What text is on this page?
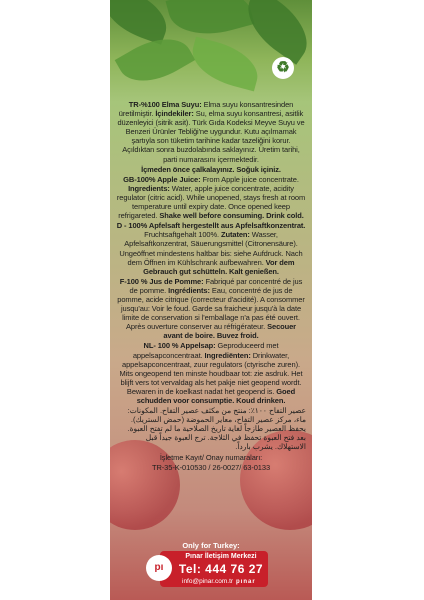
♻

TR-%100 Elma Suyu: Elma suyu konsantresinden üretilmiştir. İçindekiler: Su, elma suyu konsantresi, asitlik düzenleyici (sitrik asit). Türk Gıda Kodeksi Meyve Suyu ve Benzeri Ürünler Tebliği'ne uygundur. Kutu açılmamak şartıyla son tüketim tarihine kadar tazeliğini korur. Açıldıktan sonra buzdolabında saklayınız. Üretim tarihi, parti numarasını içermektedir.

İçmeden önce çalkalayınız. Soğuk içiniz.

GB-100% Apple Juice: From Apple juice concentrate. Ingredients: Water, apple juice concentrate, acidity regulator (citric acid). While unopened, stays fresh at room temperature until expiry date. Once opened keep refrigareted. Shake well before consuming. Drink cold.

D - 100% Apfelsaft hergestellt aus Apfelsaftkonzentrat. Fruchtsaftgehalt 100%. Zutaten: Wasser, Apfelsaftkonzentrat, Säuerungsmittel (Citronensäure). Ungeöffnet mindestens haltbar bis: siehe Aufdruck. Nach dem Öffnen im Kühlschrank aufbewahren. Vor dem Gebrauch gut schütteln. Kalt genießen.

F-100 % Jus de Pomme: Fabriqué par concentré de jus de pomme. Ingrédients: Eau, concentré de jus de pomme, acide citrique (correcteur d'acidité). A consommer jusqu'au: Voir le foud. Garde sa fraicheur jusqu'à la date limite de conservation si l'emballage n'a pas été ouvert. Après ouverture conserver au réfrigérateur. Secouer avant de boire. Buvez froid.

NL- 100 % Appelsap: Geproduceerd met appelsapconcentraat. Ingrediënten: Drinkwater, appelsapconcentraat, zuur regulators (ctyrische zuren). Mits ongeopend ten minste houdbaar tot: zie asdruk. Het blijft vers tot vervaldag als het pakje niet geopend wordt. Bewaren in de koelkast nadat het geopend is. Goed schudden voor consumptie. Koud drinken.

عصير التفاح ١٠٠٪: منتج من مكثف عصير التفاح. المكونات: ماء، مركز عصير التفاح، معاير الحموضة (حمض الستريك). يحفظ العصير طازجاً لغاية تاريخ الصلاحية ما لم تفتح العبوة. بعد فتح العبوة تحفظ في الثلاجة. ترج العبوة جيداً قبل الاستهلاك. يشرب بارداً.

İşletme Kayıt/ Onay numaraları:

TR-35-K-010530 / 26-0027/ 63-0133

Only for Turkey:
pı
Pınar İletişim Merkezi
Tel: 444 76 27
info@pinar.com.tr pınar
